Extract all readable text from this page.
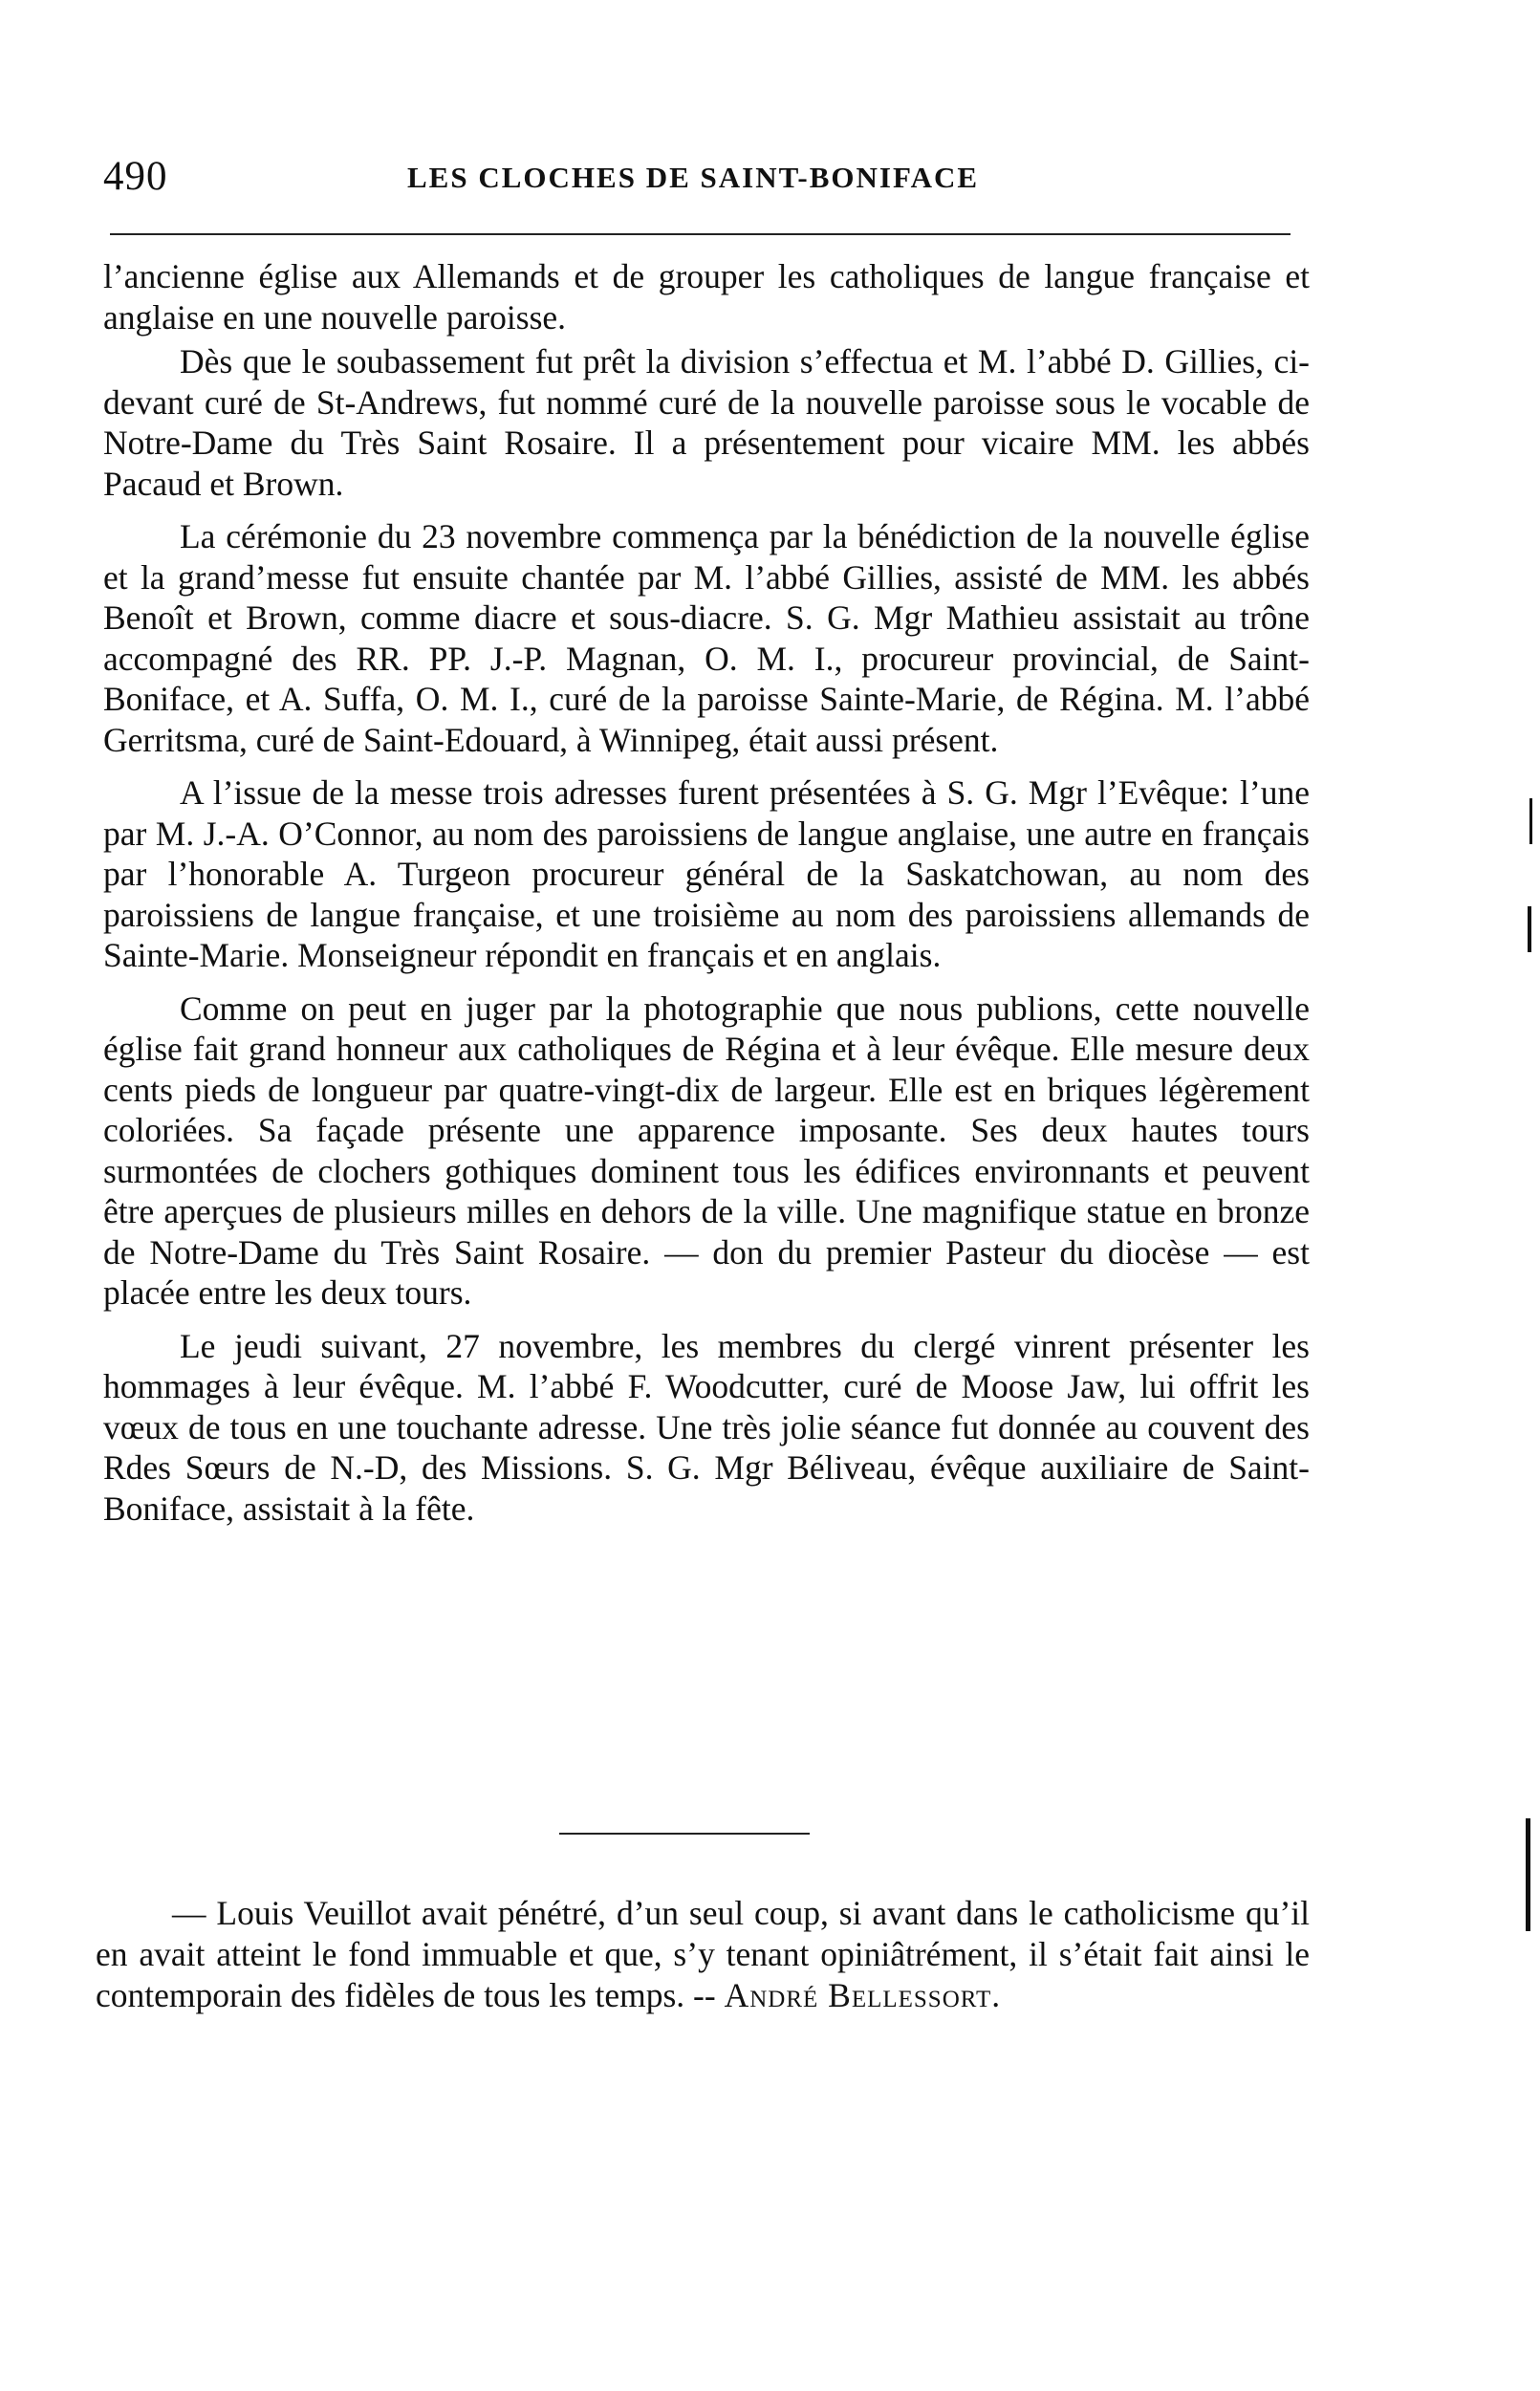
490	LES CLOCHES DE SAINT-BONIFACE

l’ancienne église aux Allemands et de grouper les catholiques de langue française et anglaise en une nouvelle paroisse.

Dès que le soubassement fut prêt la division s’effectua et M. l’abbé D. Gillies, ci-devant curé de St-Andrews, fut nommé curé de la nouvelle paroisse sous le vocable de Notre-Dame du Très Saint Rosaire. Il a présentement pour vicaire MM. les abbés Pacaud et Brown.

La cérémonie du 23 novembre commença par la bénédiction de la nouvelle église et la grand’messe fut ensuite chantée par M. l’abbé Gillies, assisté de MM. les abbés Benoît et Brown, comme diacre et sous-diacre. S. G. Mgr Mathieu assistait au trône accompagné des RR. PP. J.-P. Magnan, O. M. I., procureur provincial, de Saint-Boniface, et A. Suffa, O. M. I., curé de la paroisse Sainte-Marie, de Régina. M. l’abbé Gerritsma, curé de Saint-Edouard, à Winnipeg, était aussi présent.

A l’issue de la messe trois adresses furent présentées à S. G. Mgr l’Evêque: l’une par M. J.-A. O’Connor, au nom des paroissiens de langue anglaise, une autre en français par l’honorable A. Turgeon procureur général de la Saskatchowan, au nom des paroissiens de langue française, et une troisième au nom des paroissiens allemands de Sainte-Marie. Monseigneur répondit en français et en anglais.

Comme on peut en juger par la photographie que nous publions, cette nouvelle église fait grand honneur aux catholiques de Régina et à leur évêque. Elle mesure deux cents pieds de longueur par quatre-vingt-dix de largeur. Elle est en briques légèrement coloriées. Sa façade présente une apparence imposante. Ses deux hautes tours surmontées de clochers gothiques dominent tous les édifices environnants et peuvent être aperçues de plusieurs milles en dehors de la ville. Une magnifique statue en bronze de Notre-Dame du Très Saint Rosaire. — don du premier Pasteur du diocèse — est placée entre les deux tours.

Le jeudi suivant, 27 novembre, les membres du clergé vinrent présenter les hommages à leur évêque. M. l’abbé F. Woodcutter, curé de Moose Jaw, lui offrit les vœux de tous en une touchante adresse. Une très jolie séance fut donnée au couvent des Rdes Sœurs de N.-D, des Missions. S. G. Mgr Béliveau, évêque auxiliaire de Saint-Boniface, assistait à la fête.

— Louis Veuillot avait pénétré, d’un seul coup, si avant dans le catholicisme qu’il en avait atteint le fond immuable et que, s’y tenant opiniâtrément, il s’était fait ainsi le contemporain des fidèles de tous les temps. -- André Bellessort.
